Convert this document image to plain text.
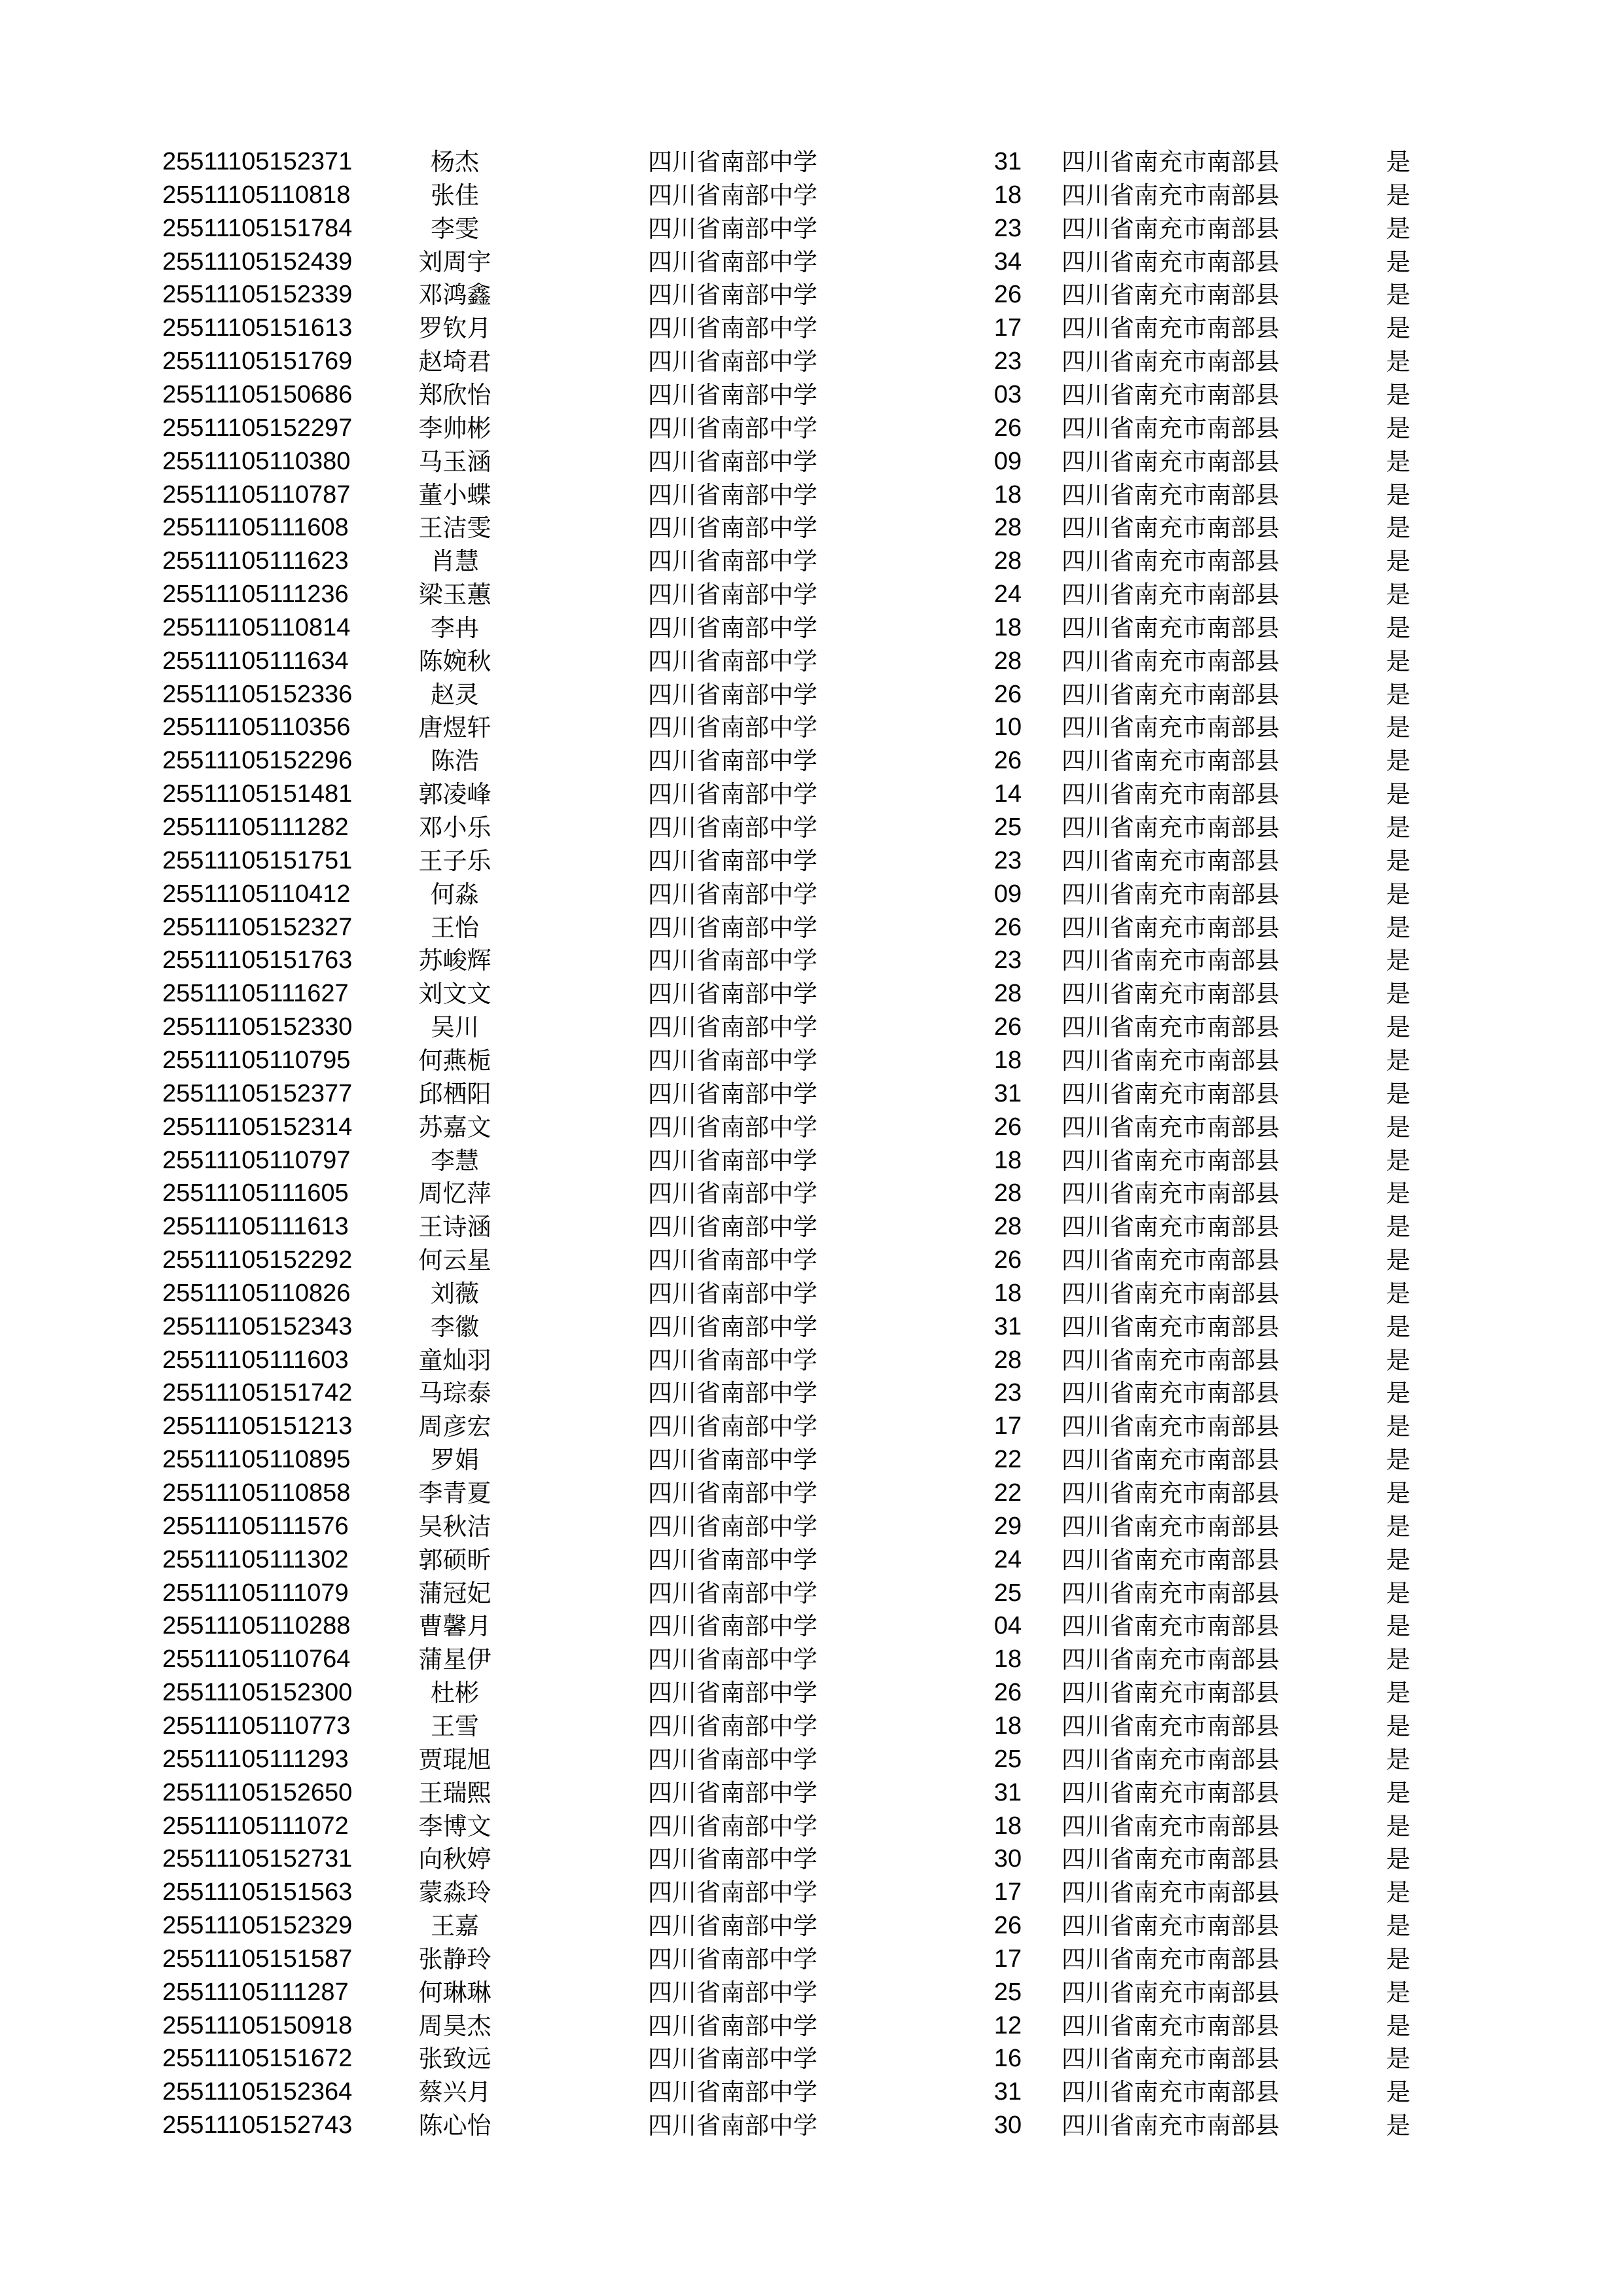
25511105152371	杨杰	四川省南部中学	31 四川省南充市南部县	是
25511105110818	张佳	四川省南部中学	18 四川省南充市南部县	是
25511105151784	李雯	四川省南部中学	23 四川省南充市南部县	是
25511105152439	刘周宇	四川省南部中学	34 四川省南充市南部县	是
25511105152339	邓鸿鑫	四川省南部中学	26 四川省南充市南部县	是
25511105151613	罗钦月	四川省南部中学	17 四川省南充市南部县	是
25511105151769	赵埼君	四川省南部中学	23 四川省南充市南部县	是
25511105150686	郑欣怡	四川省南部中学	03 四川省南充市南部县	是
25511105152297	李帅彬	四川省南部中学	26 四川省南充市南部县	是
25511105110380	马玉涵	四川省南部中学	09 四川省南充市南部县	是
25511105110787	董小蝶	四川省南部中学	18 四川省南充市南部县	是
25511105111608	王洁雯	四川省南部中学	28 四川省南充市南部县	是
25511105111623	肖慧	四川省南部中学	28 四川省南充市南部县	是
25511105111236	梁玉蕙	四川省南部中学	24 四川省南充市南部县	是
25511105110814	李冉	四川省南部中学	18 四川省南充市南部县	是
25511105111634	陈婉秋	四川省南部中学	28 四川省南充市南部县	是
25511105152336	赵灵	四川省南部中学	26 四川省南充市南部县	是
25511105110356	唐煜轩	四川省南部中学	10 四川省南充市南部县	是
25511105152296	陈浩	四川省南部中学	26 四川省南充市南部县	是
25511105151481	郭凌峰	四川省南部中学	14 四川省南充市南部县	是
25511105111282	邓小乐	四川省南部中学	25 四川省南充市南部县	是
25511105151751	王子乐	四川省南部中学	23 四川省南充市南部县	是
25511105110412	何淼	四川省南部中学	09 四川省南充市南部县	是
25511105152327	王怡	四川省南部中学	26 四川省南充市南部县	是
25511105151763	苏峻辉	四川省南部中学	23 四川省南充市南部县	是
25511105111627	刘文文	四川省南部中学	28 四川省南充市南部县	是
25511105152330	吴川	四川省南部中学	26 四川省南充市南部县	是
25511105110795	何燕栀	四川省南部中学	18 四川省南充市南部县	是
25511105152377	邱栖阳	四川省南部中学	31 四川省南充市南部县	是
25511105152314	苏嘉文	四川省南部中学	26 四川省南充市南部县	是
25511105110797	李慧	四川省南部中学	18 四川省南充市南部县	是
25511105111605	周忆萍	四川省南部中学	28 四川省南充市南部县	是
25511105111613	王诗涵	四川省南部中学	28 四川省南充市南部县	是
25511105152292	何云星	四川省南部中学	26 四川省南充市南部县	是
25511105110826	刘薇	四川省南部中学	18 四川省南充市南部县	是
25511105152343	李徽	四川省南部中学	31 四川省南充市南部县	是
25511105111603	童灿羽	四川省南部中学	28 四川省南充市南部县	是
25511105151742	马琮泰	四川省南部中学	23 四川省南充市南部县	是
25511105151213	周彦宏	四川省南部中学	17 四川省南充市南部县	是
25511105110895	罗娟	四川省南部中学	22 四川省南充市南部县	是
25511105110858	李青夏	四川省南部中学	22 四川省南充市南部县	是
25511105111576	吴秋洁	四川省南部中学	29 四川省南充市南部县	是
25511105111302	郭硕昕	四川省南部中学	24 四川省南充市南部县	是
25511105111079	蒲冠妃	四川省南部中学	25 四川省南充市南部县	是
25511105110288	曹馨月	四川省南部中学	04 四川省南充市南部县	是
25511105110764	蒲星伊	四川省南部中学	18 四川省南充市南部县	是
25511105152300	杜彬	四川省南部中学	26 四川省南充市南部县	是
25511105110773	王雪	四川省南部中学	18 四川省南充市南部县	是
25511105111293	贾琨旭	四川省南部中学	25 四川省南充市南部县	是
25511105152650	王瑞熙	四川省南部中学	31 四川省南充市南部县	是
25511105111072	李博文	四川省南部中学	18 四川省南充市南部县	是
25511105152731	向秋婷	四川省南部中学	30 四川省南充市南部县	是
25511105151563	蒙淼玲	四川省南部中学	17 四川省南充市南部县	是
25511105152329	王嘉	四川省南部中学	26 四川省南充市南部县	是
25511105151587	张静玲	四川省南部中学	17 四川省南充市南部县	是
25511105111287	何琳琳	四川省南部中学	25 四川省南充市南部县	是
25511105150918	周昊杰	四川省南部中学	12 四川省南充市南部县	是
25511105151672	张致远	四川省南部中学	16 四川省南充市南部县	是
25511105152364	蔡兴月	四川省南部中学	31 四川省南充市南部县	是
25511105152743	陈心怡	四川省南部中学	30 四川省南充市南部县	是
